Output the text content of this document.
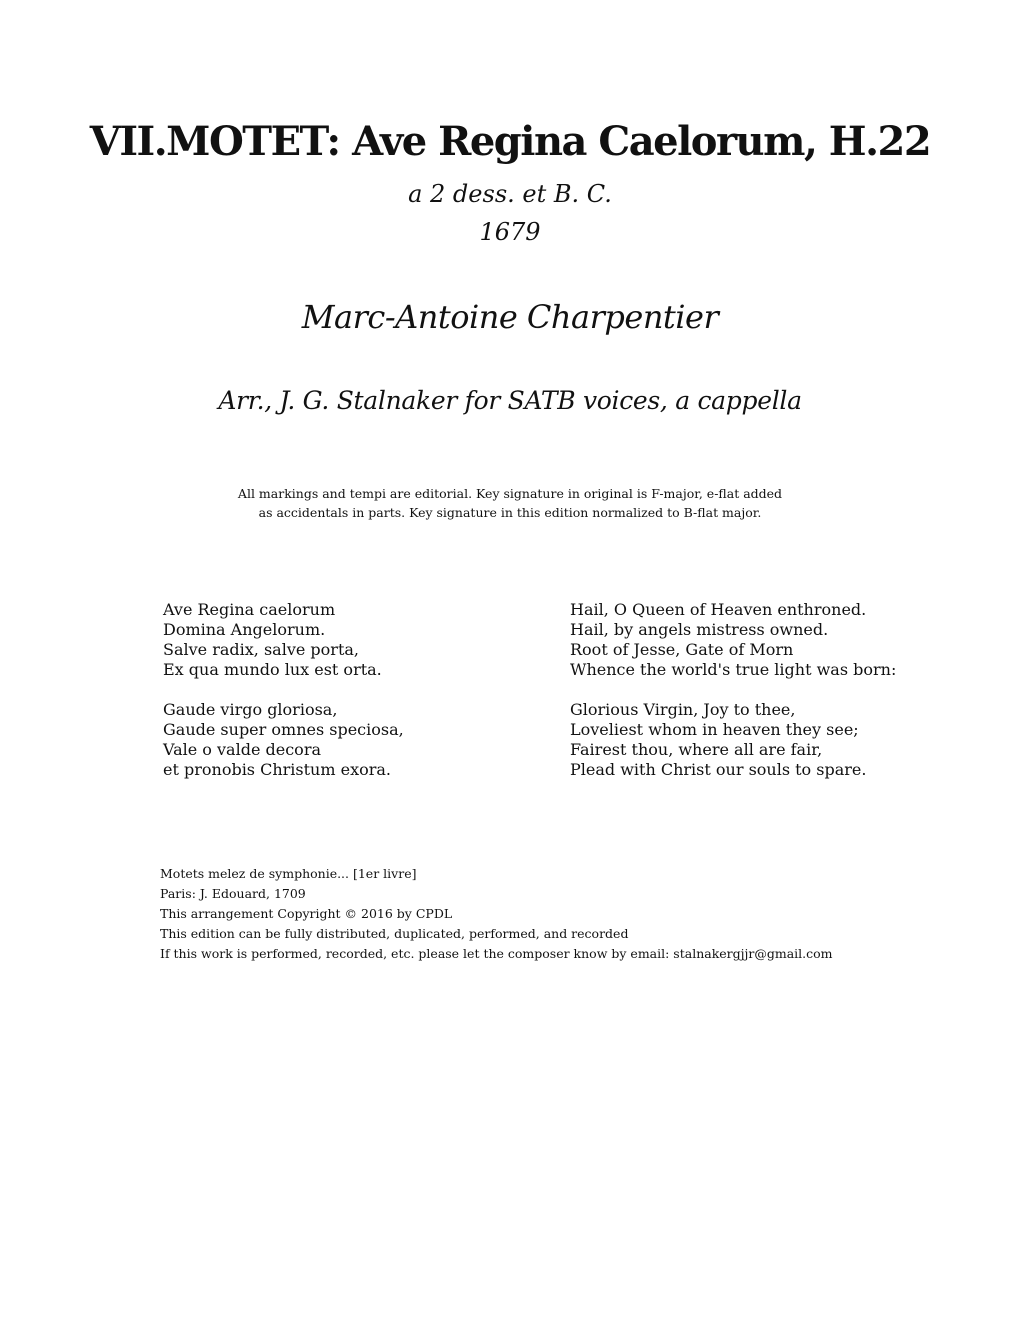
VII.MOTET: Ave Regina Caelorum, H.22
a 2 dess. et B. C.
1679
Marc-Antoine Charpentier
Arr., J. G. Stalnaker for SATB voices, a cappella
All markings and tempi are editorial. Key signature in original is F-major, e-flat added
as accidentals in parts. Key signature in this edition normalized to B-flat major.
Ave Regina caelorum
Domina Angelorum.
Salve radix, salve porta,
Ex qua mundo lux est orta.
Gaude virgo gloriosa,
Gaude super omnes speciosa,
Vale o valde decora
et pronobis Christum exora.
Hail, O Queen of Heaven enthroned.
Hail, by angels mistress owned.
Root of Jesse, Gate of Morn
Whence the world's true light was born:
Glorious Virgin, Joy to thee,
Loveliest whom in heaven they see;
Fairest thou, where all are fair,
Plead with Christ our souls to spare.
Motets melez de symphonie... [1er livre]
Paris: J. Edouard, 1709
This arrangement Copyright © 2016 by CPDL
This edition can be fully distributed, duplicated, performed, and recorded
If this work is performed, recorded, etc. please let the composer know by email: stalnakergjjr@gmail.com
